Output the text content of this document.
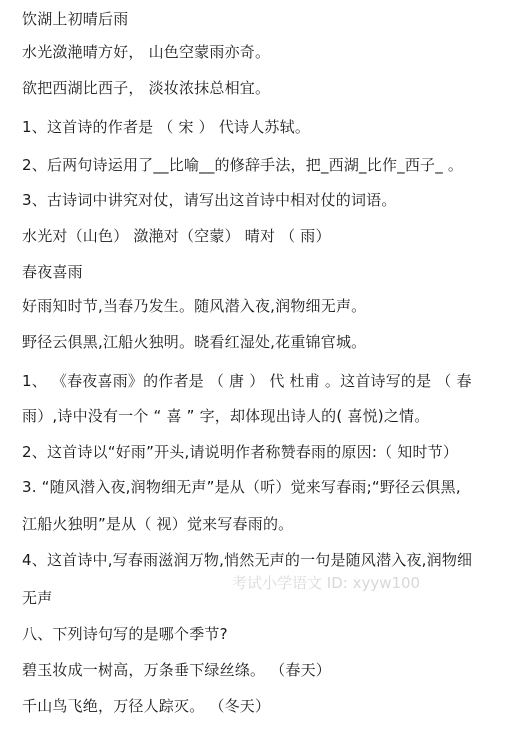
饮湖上初晴后雨
水光潋滟晴方好， 山色空蒙雨亦奇。
欲把西湖比西子， 淡妆浓抹总相宜。
1、这首诗的作者是 （ 宋 ） 代诗人苏轼。
2、后两句诗运用了__比喻__的修辞手法，把_西湖_比作_西子_ 。
3、古诗词中讲究对仗，请写出这首诗中相对仗的词语。
水光对（山色） 潋滟对（空蒙） 晴对 （ 雨）
春夜喜雨
好雨知时节,当春乃发生。随风潜入夜,润物细无声。
野径云俱黑,江船火独明。晓看红湿处,花重锦官城。
1、 《春夜喜雨》的作者是 （ 唐 ） 代 杜甫 。这首诗写的是 （ 春
雨）,诗中没有一个 “ 喜 ” 字，却体现出诗人的( 喜悦)之情。
2、这首诗以“好雨”开头,请说明作者称赞春雨的原因:（ 知时节）
3. “随风潜入夜,润物细无声”是从（听）觉来写春雨;“野径云俱黑,
江船火独明”是从（ 视）觉来写春雨的。
4、这首诗中,写春雨滋润万物,悄然无声的一句是随风潜入夜,润物细
无声
八、下列诗句写的是哪个季节?
碧玉妆成一树高，万条垂下绿丝绦。 （春天）
千山鸟飞绝，万径人踪灭。 （冬天）
考试小学语文 ID: xyyw100
